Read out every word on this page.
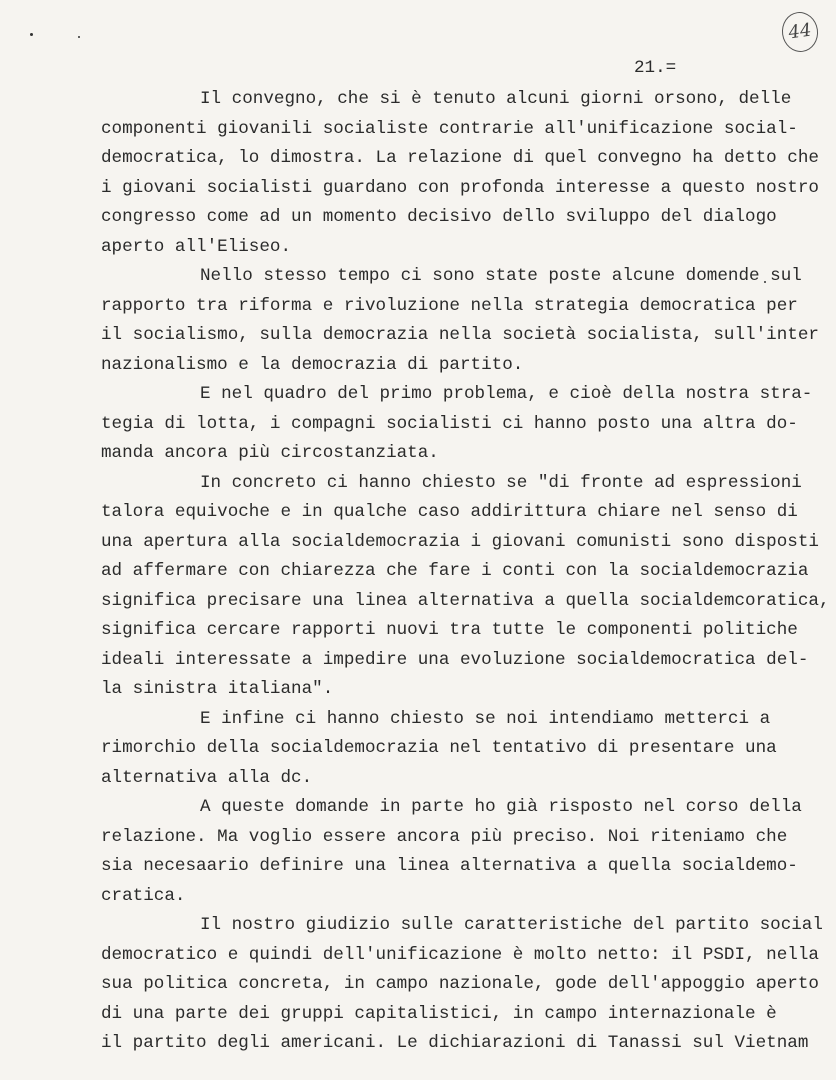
44
21.=
Il convegno, che si è tenuto alcuni giorni orsono, delle
componenti giovanili socialiste contrarie all'unificazione social-
democratica, lo dimostra. La relazione di quel convegno ha detto che
i giovani socialisti guardano con profonda interesse a questo nostro
congresso come ad un momento decisivo dello sviluppo del dialogo
aperto all'Eliseo.
Nello stesso tempo ci sono state poste alcune domende sul
rapporto tra riforma e rivoluzione nella strategia democratica per
il socialismo, sulla democrazia nella società socialista, sull'inter
nazionalismo e la democrazia di partito.
E nel quadro del primo problema, e cioè della nostra stra-
tegia di lotta, i compagni socialisti ci hanno posto una altra do-
manda ancora più circostanziata.
In concreto ci hanno chiesto se "di fronte ad espressioni
talora equivoche e in qualche caso addirittura chiare nel senso di
una apertura alla socialdemocrazia i giovani comunisti sono disposti
ad affermare con chiarezza che fare i conti con la socialdemocrazia
significa precisare una linea alternativa a quella socialdemcoratica,
significa cercare rapporti nuovi tra tutte le componenti politiche
ideali interessate a impedire una evoluzione socialdemocratica del-
la sinistra italiana".
E infine ci hanno chiesto se noi intendiamo metterci a
rimorchio della socialdemocrazia nel tentativo di presentare una
alternativa alla dc.
A queste domande in parte ho già risposto nel corso della
relazione. Ma voglio essere ancora più preciso. Noi riteniamo che
sia necesaario definire una linea alternativa a quella socialdemo-
cratica.
Il nostro giudizio sulle caratteristiche del partito social
democratico e quindi dell'unificazione è molto netto: il PSDI, nella
sua politica concreta, in campo nazionale, gode dell'appoggio aperto
di una parte dei gruppi capitalistici, in campo internazionale è
il partito degli americani. Le dichiarazioni di Tanassi sul Vietnam
